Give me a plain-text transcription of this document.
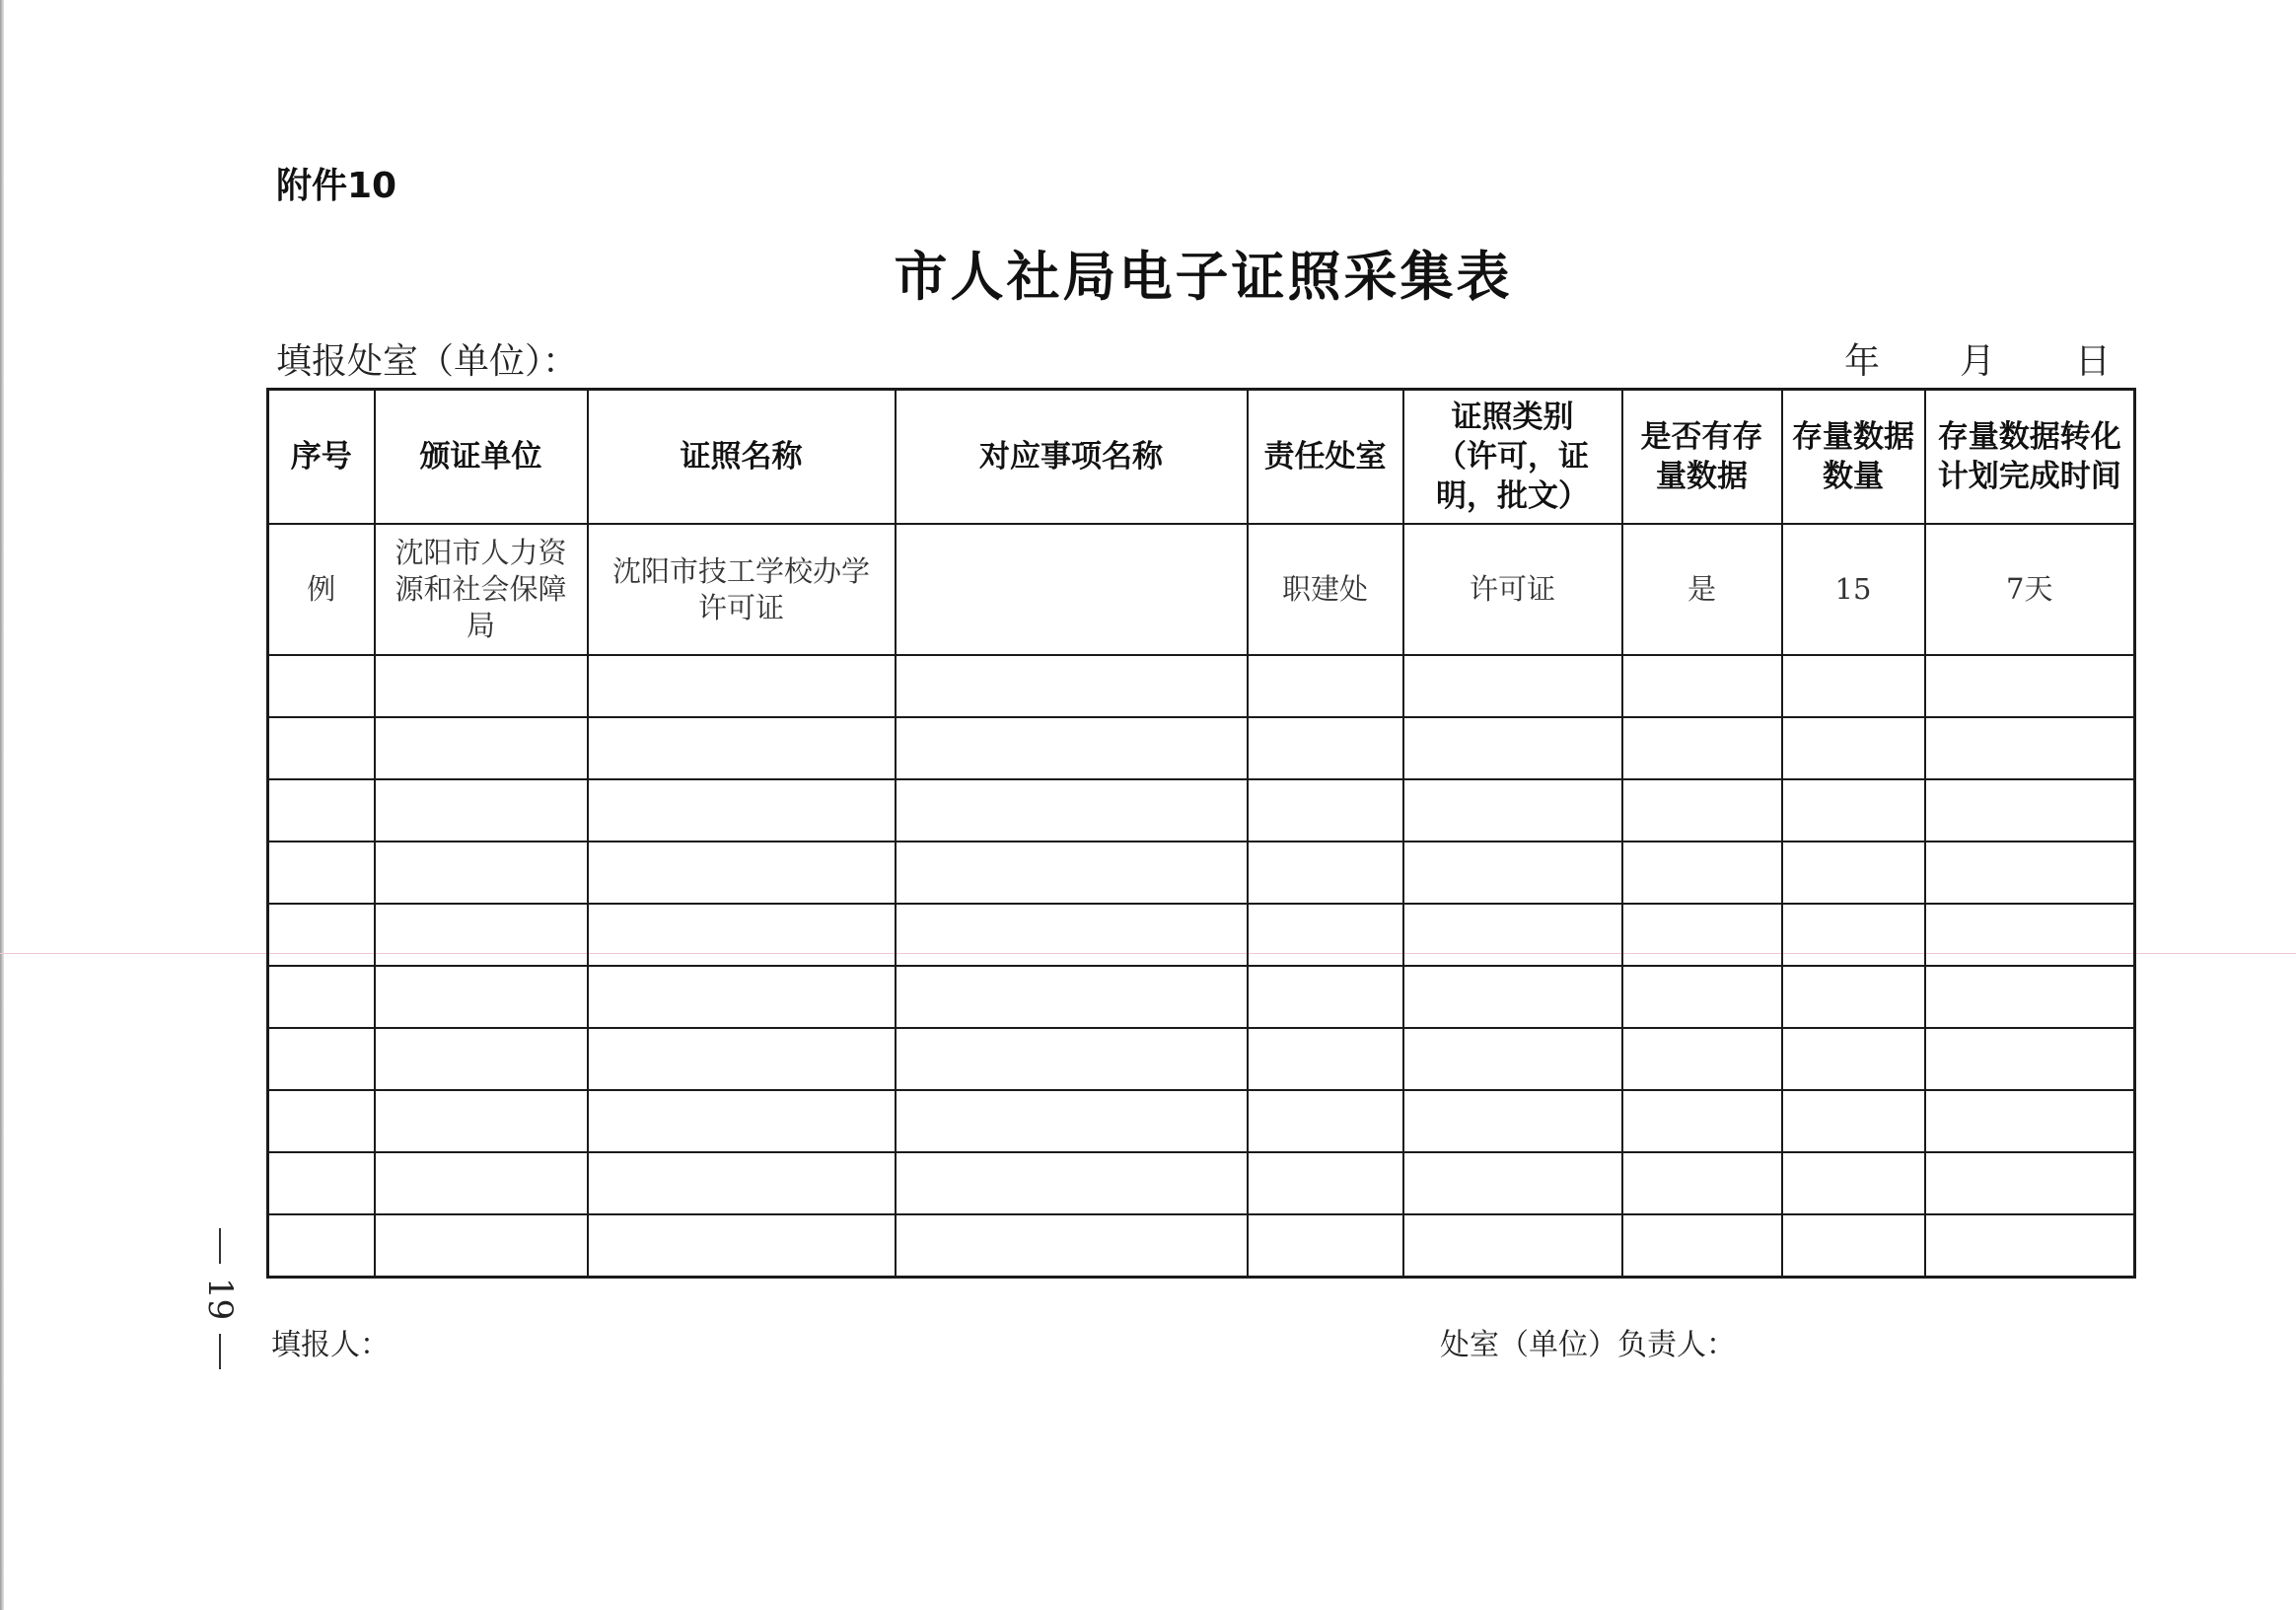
附件10
市人社局电子证照采集表
填报处室（单位）：	年 月 日
序号	颁证单位	证照名称	对应事项名称	责任处室	证照类别（许可，证明，批文）	是否有存量数据	存量数据数量	存量数据转化计划完成时间
例	沈阳市人力资源和社会保障局	沈阳市技工学校办学许可证		职建处	许可证	是	15	7天

19
填报人：	处室（单位）负责人：
